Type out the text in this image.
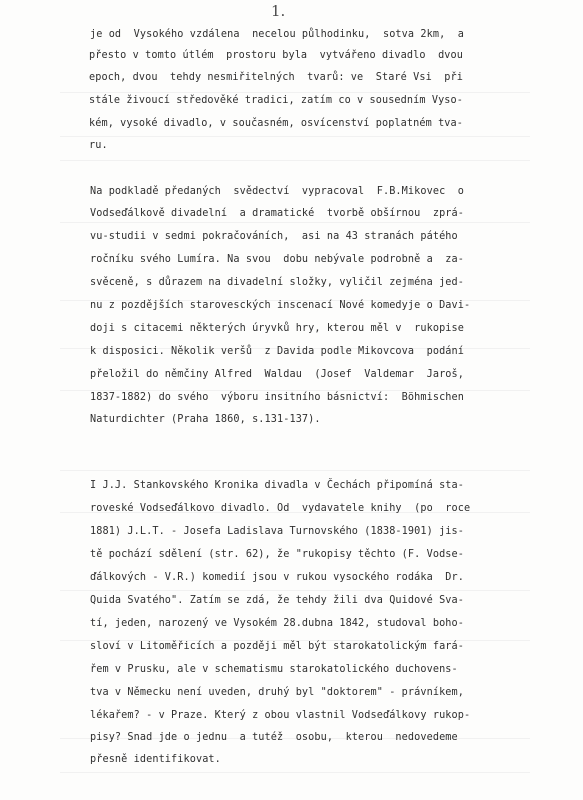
1.

je od  Vysokého vzdálena  necelou půlhodinku,  sotva 2km,  a

přesto v tomto útlém  prostoru byla  vytvářeno divadlo  dvou

epoch, dvou  tehdy nesmiřitelných  tvarů: ve  Staré Vsi  při

stále živoucí středověké tradici, zatím co v sousedním Vyso-

kém, vysoké divadlo, v současném, osvícenství poplatném tva-

ru.

Na podkladě předaných  svědectví  vypracoval  F.B.Mikovec  o

Vodseďálkově divadelní  a dramatické  tvorbě obšírnou  zprá-

vu-studii v sedmi pokračováních,  asi na 43 stranách pátého

ročníku svého Lumíra. Na svou  dobu nebývale podrobně a  za-

svěceně, s důrazem na divadelní složky, vyličil zejména jed-

nu z pozdějších starovesckých inscenací Nové komedyje o Davi-

doji s citacemi některých úryvků hry, kterou měl v  rukopise

k disposici. Několik veršů  z Davida podle Mikovcova  podání

přeložil do němčiny Alfred  Waldau  (Josef  Valdemar  Jaroš,

1837-1882) do svého  výboru insitního básnictví:  Böhmischen

Naturdichter (Praha 1860, s.131-137).

I J.J. Stankovského Kronika divadla v Čechách připomíná sta-

roveské Vodseďálkovo divadlo. Od  vydavatele knihy  (po  roce

1881) J.L.T. - Josefa Ladislava Turnovského (1838-1901) jis-

tě pochází sdělení (str. 62), že "rukopisy těchto (F. Vodse-

ďálkových - V.R.) komedií jsou v rukou vysockého rodáka  Dr.

Quida Svatého". Zatím se zdá, že tehdy žili dva Quidové Sva-

tí, jeden, narozený ve Vysokém 28.dubna 1842, studoval boho-

sloví v Litoměřicích a později měl být starokatolickým fará-

řem v Prusku, ale v schematismu starokatolického duchovens-

tva v Německu není uveden, druhý byl "doktorem" - právníkem,

lékařem? - v Praze. Který z obou vlastnil Vodseďálkovy rukop-

pisy? Snad jde o jednu  a tutéž  osobu,  kterou  nedovedeme

přesně identifikovat.
